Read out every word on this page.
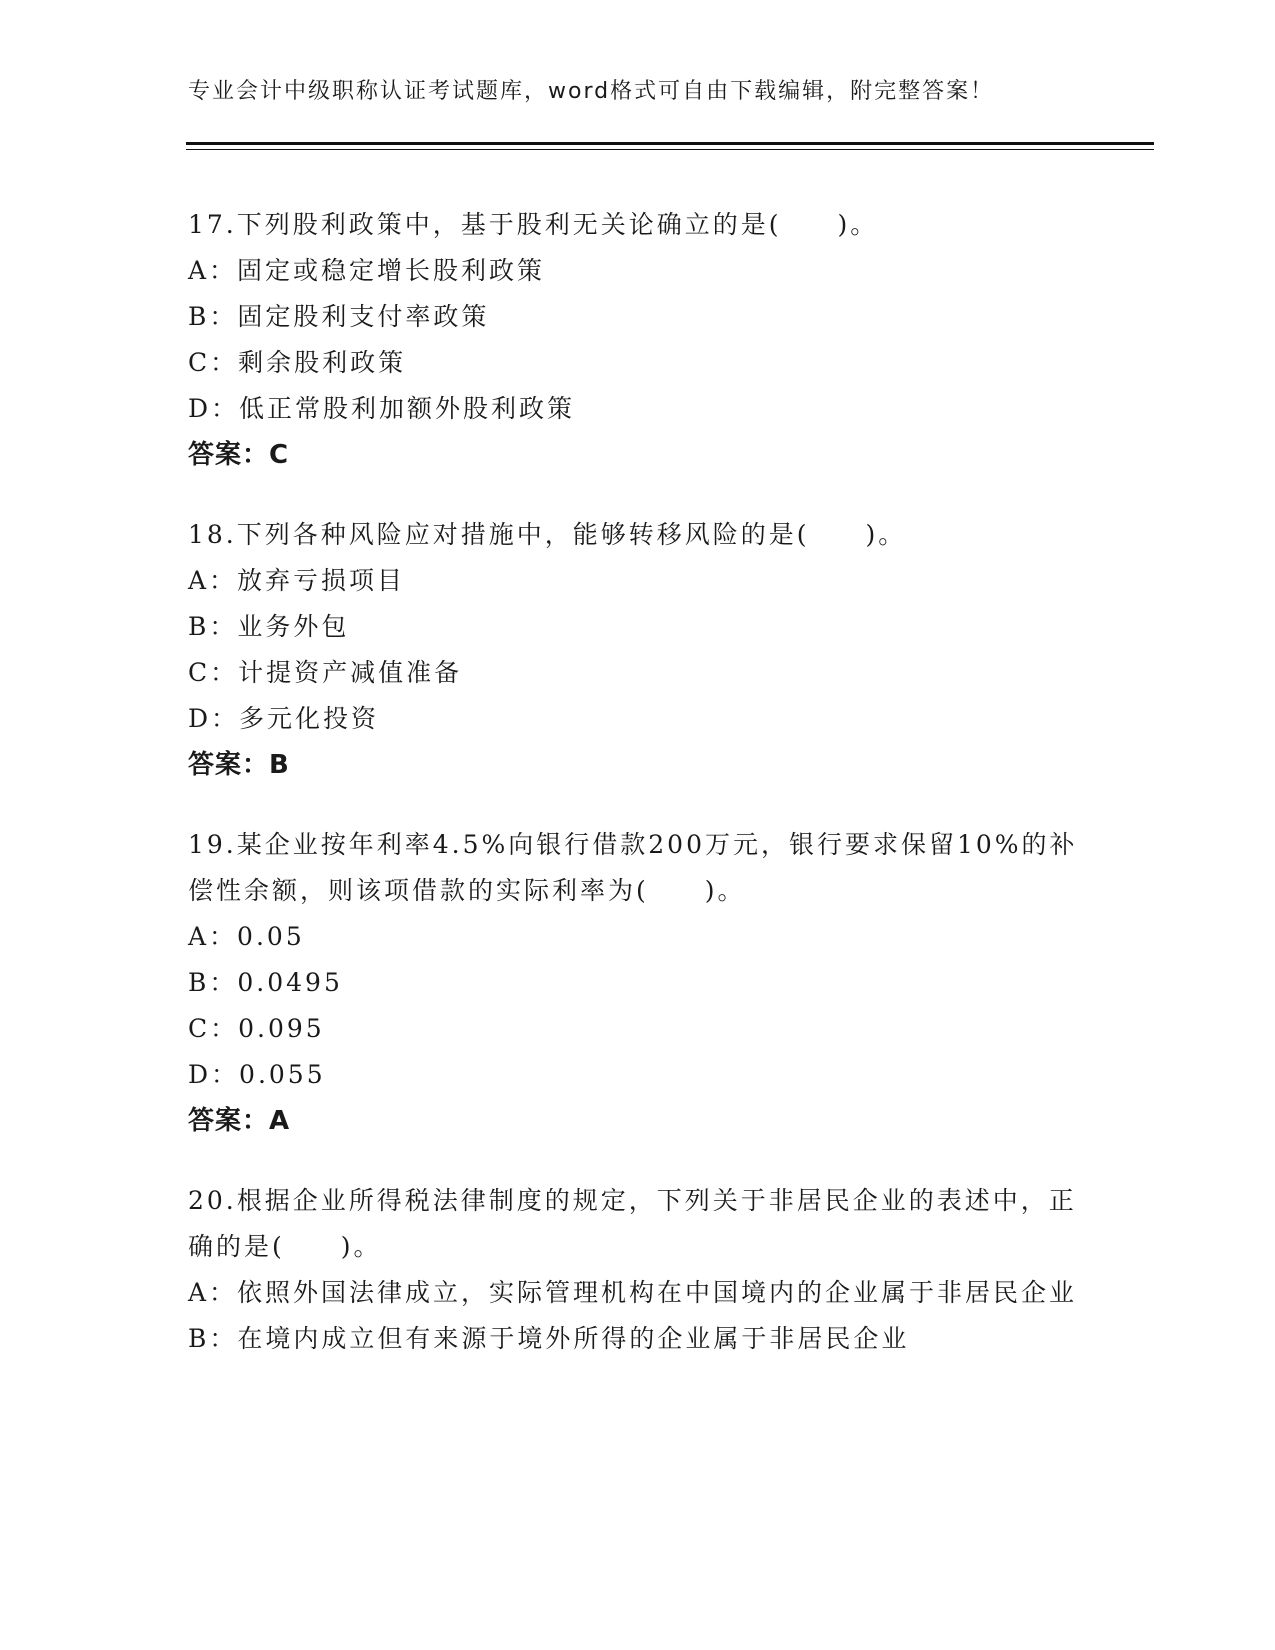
专业会计中级职称认证考试题库，word格式可自由下载编辑，附完整答案！
17.下列股利政策中，基于股利无关论确立的是(　　)。
A：固定或稳定增长股利政策
B：固定股利支付率政策
C：剩余股利政策
D：低正常股利加额外股利政策
答案：C
18.下列各种风险应对措施中，能够转移风险的是(　　)。
A：放弃亏损项目
B：业务外包
C：计提资产减值准备
D：多元化投资
答案：B
19.某企业按年利率4.5%向银行借款200万元，银行要求保留10%的补偿性余额，则该项借款的实际利率为(　　)。
A：0.05
B：0.0495
C：0.095
D：0.055
答案：A
20.根据企业所得税法律制度的规定，下列关于非居民企业的表述中，正确的是(　　)。
A：依照外国法律成立，实际管理机构在中国境内的企业属于非居民企业
B：在境内成立但有来源于境外所得的企业属于非居民企业
